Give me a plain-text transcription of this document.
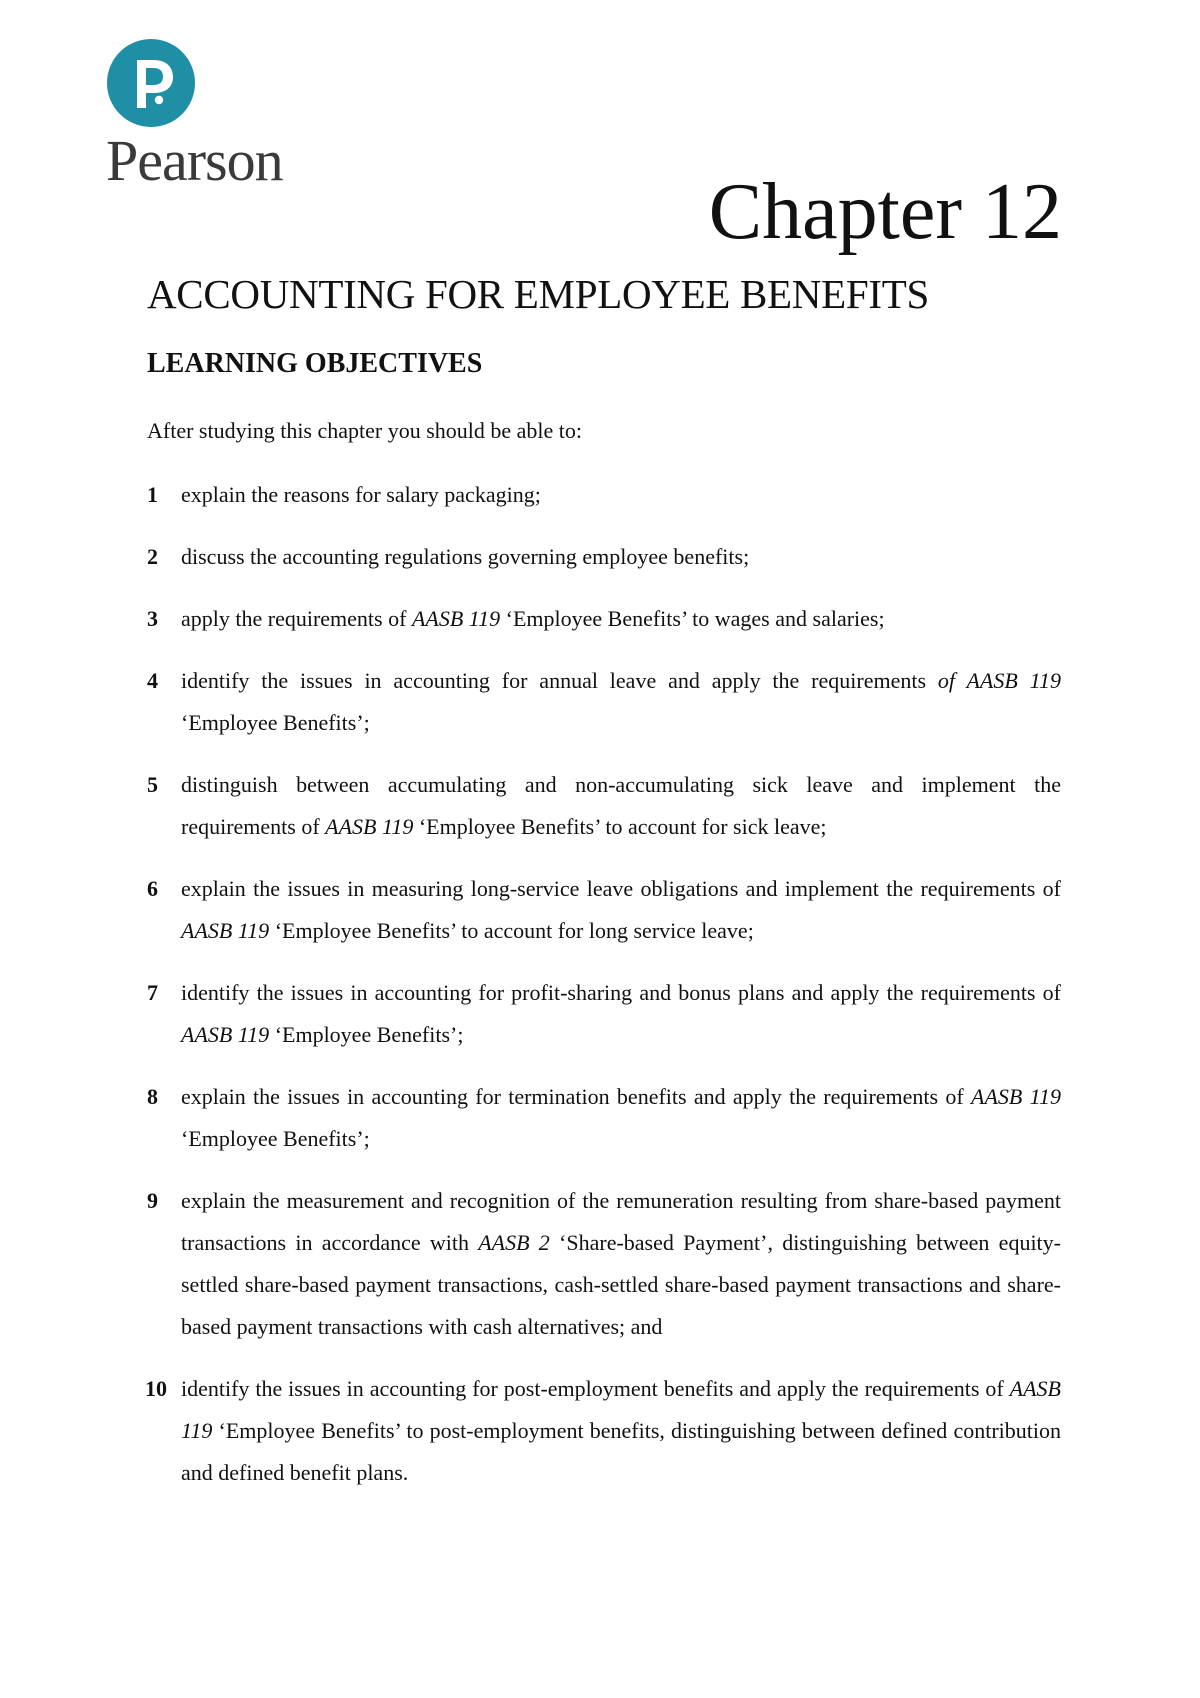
Pearson
Chapter 12
ACCOUNTING FOR EMPLOYEE BENEFITS
LEARNING OBJECTIVES

After studying this chapter you should be able to:

1 explain the reasons for salary packaging;
2 discuss the accounting regulations governing employee benefits;
3 apply the requirements of AASB 119 ‘Employee Benefits’ to wages and salaries;
4 identify the issues in accounting for annual leave and apply the requirements of AASB 119 ‘Employee Benefits’;
5 distinguish between accumulating and non-accumulating sick leave and implement the requirements of AASB 119 ‘Employee Benefits’ to account for sick leave;
6 explain the issues in measuring long-service leave obligations and implement the requirements of AASB 119 ‘Employee Benefits’ to account for long service leave;
7 identify the issues in accounting for profit-sharing and bonus plans and apply the requirements of AASB 119 ‘Employee Benefits’;
8 explain the issues in accounting for termination benefits and apply the requirements of AASB 119 ‘Employee Benefits’;
9 explain the measurement and recognition of the remuneration resulting from share-based payment transactions in accordance with AASB 2 ‘Share-based Payment’, distinguishing between equity-settled share-based payment transactions, cash-settled share-based payment transactions and share-based payment transactions with cash alternatives; and
10 identify the issues in accounting for post-employment benefits and apply the requirements of AASB 119 ‘Employee Benefits’ to post-employment benefits, distinguishing between defined contribution and defined benefit plans.
